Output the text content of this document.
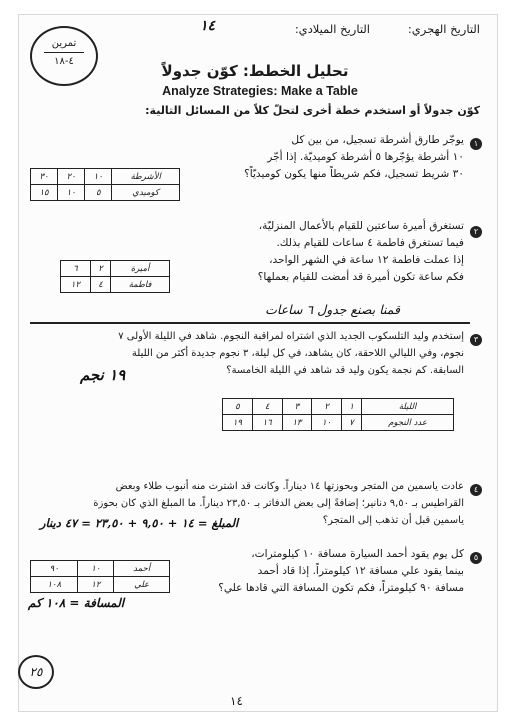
التاريخ الهجري:
التاريخ الميلادي:
١٤
تمرين
٤-١٨
تحليل الخطط: كوّن جدولاً
Analyze Strategies: Make a Table
كوّن جدولاً أو استخدم خطة أخرى لتحلّ كلاً من المسائل التالية:
١
يوجّر طارق أشرطة تسجيل، من بين كل
١٠ أشرطة يؤجّرها ٥ أشرطة كوميديّة. إذا أجّر
٣٠ شريط تسجيل، فكم شريطاً منها يكون كوميديّاً؟
الأشرطة	١٠	٢٠	٣٠
كوميدي	٥	١٠	١٥
٢
تستغرق أميرة ساعتين للقيام بالأعمال المنزليّة،
فيما تستغرق فاطمة ٤ ساعات للقيام بذلك.
إذا عملت فاطمة ١٢ ساعة في الشهر الواحد،
فكم ساعة تكون أميرة قد أمضت للقيام بعملها؟
أميرة	٢	٦
فاطمة	٤	١٢
قمنا بصنع جدول ٦ ساعات
٣
إستخدم وليد التلسكوب الجديد الذي اشتراه لمراقبة النجوم. شاهد في الليلة الأولى ٧
نجوم، وفي الليالي اللاحقة، كان يشاهد، في كل ليلة، ٣ نجوم جديدة أكثر من الليلة
السابقة. كم نجمة يكون وليد قد شاهد في الليلة الخامسة؟
١٩ نجم
الليلة	١	٢	٣	٤	٥
عدد النجوم	٧	١٠	١٣	١٦	١٩
٤
عادت ياسمين من المتجر وبحوزتها ١٤ ديناراً. وكانت قد اشترت منه أنبوب طلاء وبعض
القراطيس بـ ٩,٥٠ دنانير؛ إضافةً إلى بعض الدفاتر بـ ٢٣,٥٠ ديناراً. ما المبلغ الذي كان بحوزة
ياسمين قبل أن تذهب إلى المتجر؟
المبلغ = ١٤ + ٩,٥٠ + ٢٣,٥٠ = ٤٧ دينار
٥
كل يوم يقود أحمد السيارة مسافة ١٠ كيلومترات،
بينما يقود علي مسافة ١٢ كيلومتراً. إذا قاد أحمد
مسافة ٩٠ كيلومتراً، فكم تكون المسافة التي قادها علي؟
أحمد	١٠	٩٠
علي	١٢	١٠٨
المسافة = ١٠٨ كم
٢٥
١٤
